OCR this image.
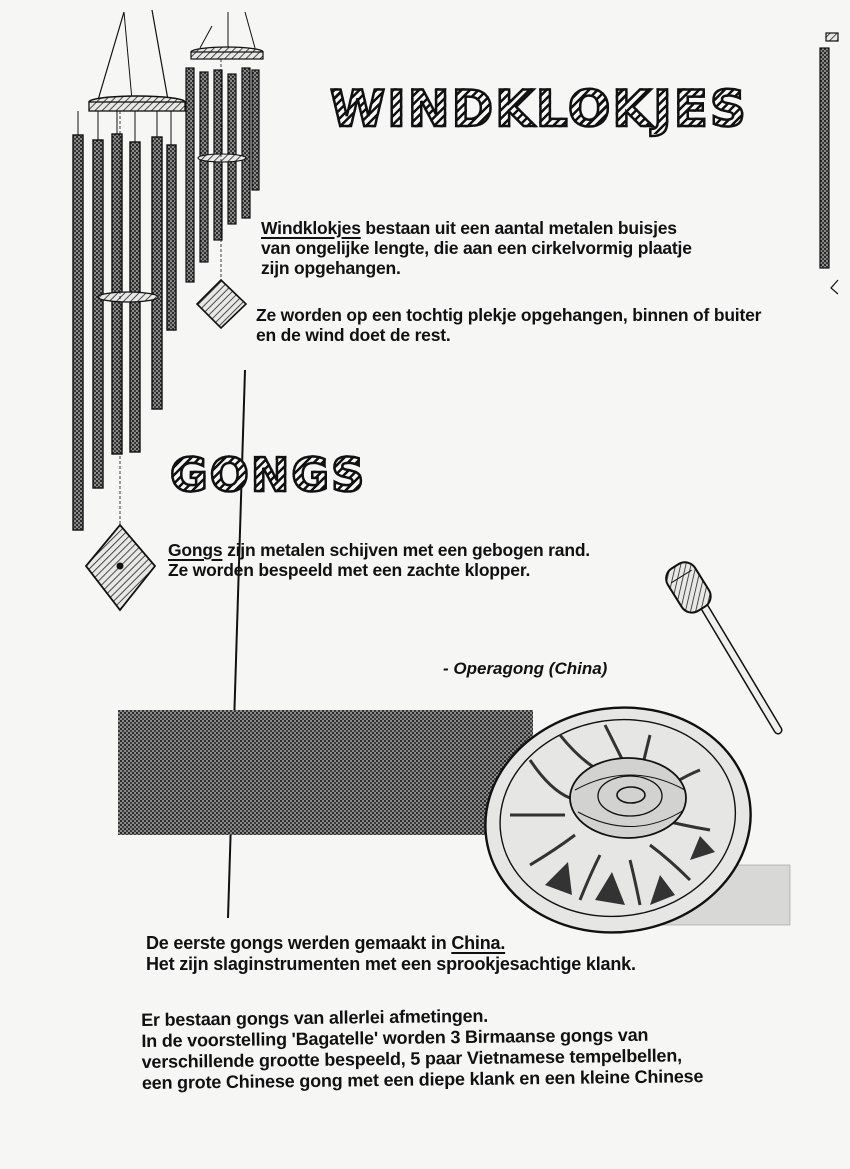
WINDKLOKJES
GONGS
Windklokjes bestaan uit een aantal metalen buisjes
van ongelijke lengte, die aan een cirkelvormig plaatje
zijn opgehangen.
Ze worden op een tochtig plekje opgehangen, binnen of buiter
en de wind doet de rest.
Gongs zijn metalen schijven met een gebogen rand.
Ze worden bespeeld met een zachte klopper.

- Operagong (China)

De eerste gongs werden gemaakt in China.
Het zijn slaginstrumenten met een sprookjesachtige klank.
Er bestaan gongs van allerlei afmetingen.
In de voorstelling 'Bagatelle' worden 3 Birmaanse gongs van
verschillende grootte bespeeld, 5 paar Vietnamese tempelbellen,
een grote Chinese gong met een diepe klank en een kleine Chinese
